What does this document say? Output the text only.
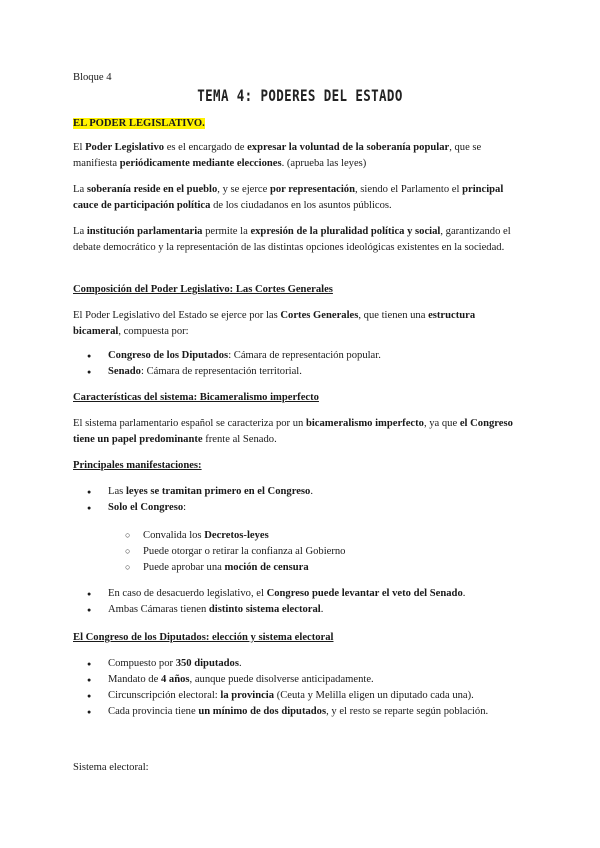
Bloque 4
TEMA 4: PODERES DEL ESTADO
EL PODER LEGISLATIVO.

El Poder Legislativo es el encargado de expresar la voluntad de la soberanía popular, que se manifiesta periódicamente mediante elecciones. (aprueba las leyes)

La soberanía reside en el pueblo, y se ejerce por representación, siendo el Parlamento el principal cauce de participación política de los ciudadanos en los asuntos públicos.

La institución parlamentaria permite la expresión de la pluralidad política y social, garantizando el debate democrático y la representación de las distintas opciones ideológicas existentes en la sociedad.

Composición del Poder Legislativo: Las Cortes Generales

El Poder Legislativo del Estado se ejerce por las Cortes Generales, que tienen una estructura bicameral, compuesta por:

● Congreso de los Diputados: Cámara de representación popular.
● Senado: Cámara de representación territorial.
Características del sistema: Bicameralismo imperfecto

El sistema parlamentario español se caracteriza por un bicameralismo imperfecto, ya que el Congreso tiene un papel predominante frente al Senado.

Principales manifestaciones:
● Las leyes se tramitan primero en el Congreso.
● Solo el Congreso:
○ Convalida los Decretos-leyes
○ Puede otorgar o retirar la confianza al Gobierno
○ Puede aprobar una moción de censura
● En caso de desacuerdo legislativo, el Congreso puede levantar el veto del Senado.
● Ambas Cámaras tienen distinto sistema electoral.
El Congreso de los Diputados: elección y sistema electoral
● Compuesto por 350 diputados.
● Mandato de 4 años, aunque puede disolverse anticipadamente.
● Circunscripción electoral: la provincia (Ceuta y Melilla eligen un diputado cada una).
● Cada provincia tiene un mínimo de dos diputados, y el resto se reparte según población.
Sistema electoral:
